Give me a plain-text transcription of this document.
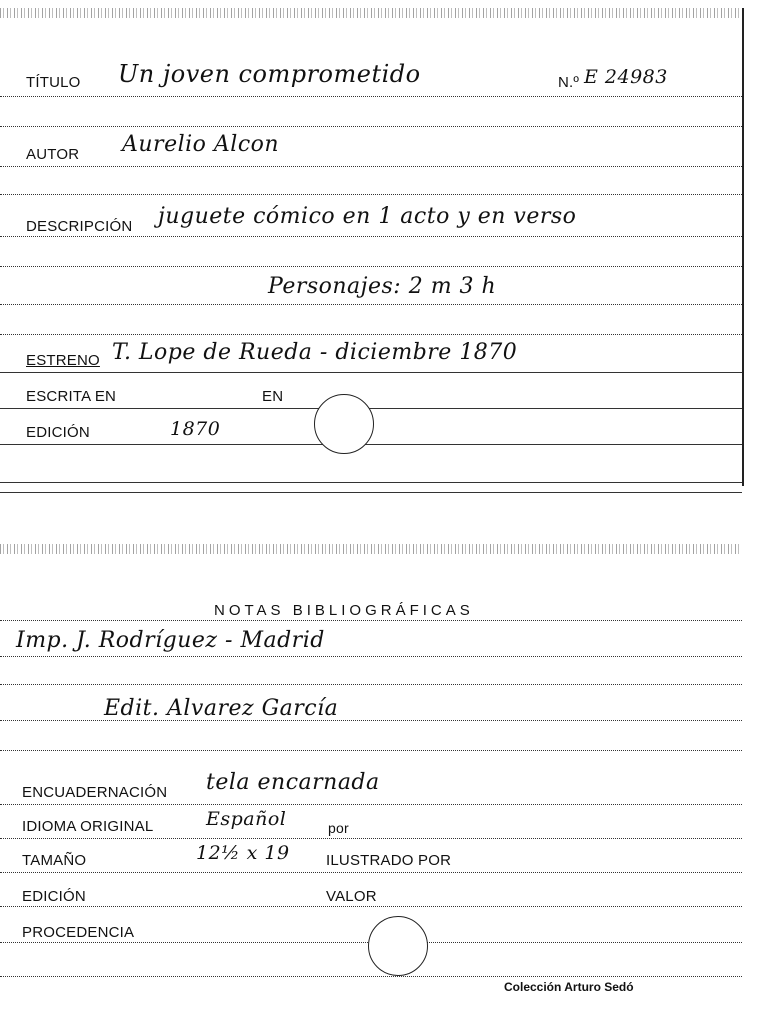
TÍTULO Un joven comprometido	N.º E 24983
AUTOR Aurelio Alcon
DESCRIPCIÓN juguete cómico en 1 acto y en verso
Personajes: 2 m 3 h
ESTRENO T. Lope de Rueda - diciembre 1870
ESCRITA EN	EN
EDICIÓN	1870
NOTAS BIBLIOGRÁFICAS
Imp. J. Rodríguez - Madrid
Edit. Alvarez García
ENCUADERNACIÓN tela encarnada
IDIOMA ORIGINAL	Español	por
TAMAÑO	12½ x 19 ILUSTRADO POR
EDICIÓN	VALOR
PROCEDENCIA
Colección Arturo Sedó
